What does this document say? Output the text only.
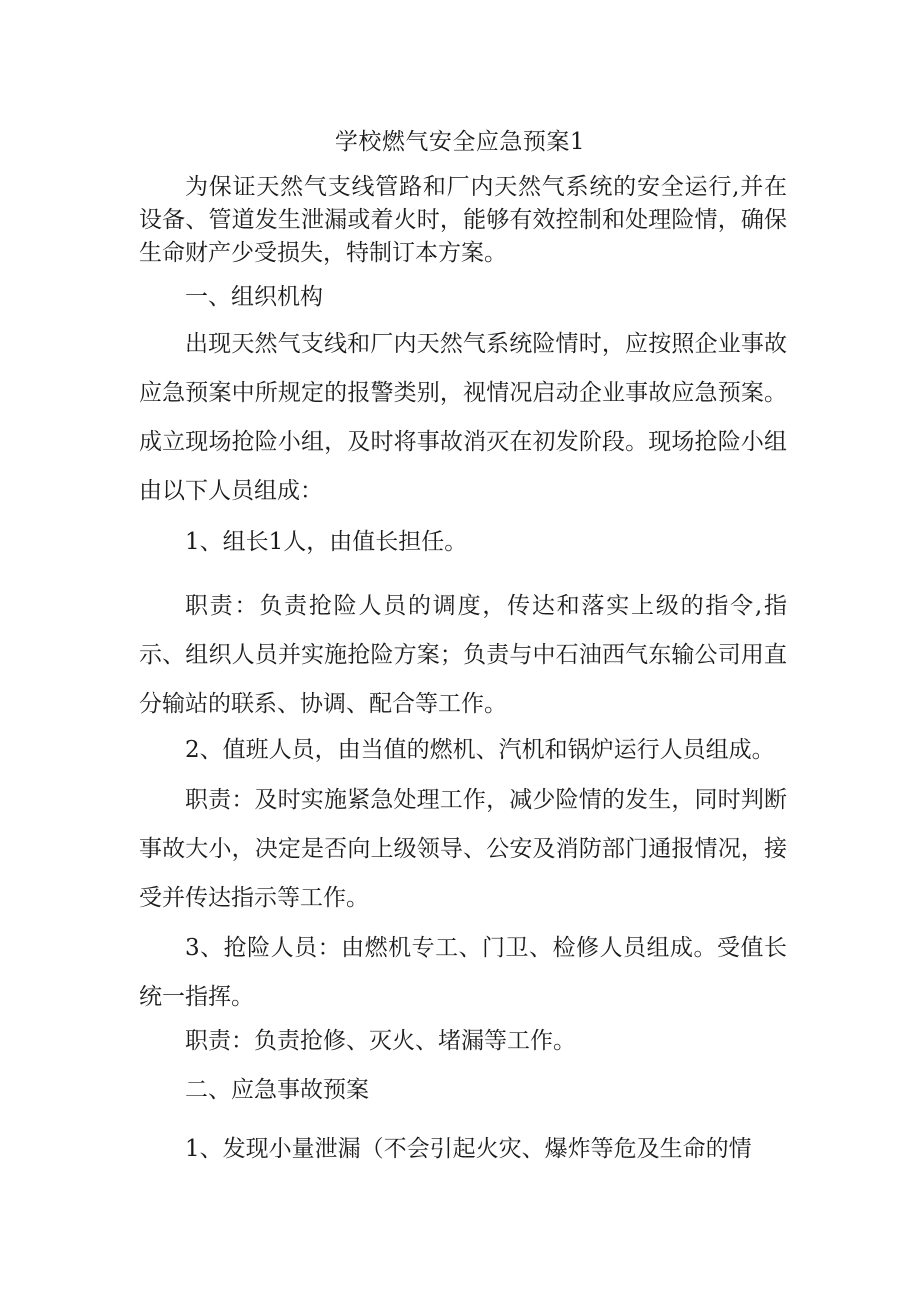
学校燃气安全应急预案1

为保证天然气支线管路和厂内天然气系统的安全运行,并在设备、管道发生泄漏或着火时，能够有效控制和处理险情，确保生命财产少受损失，特制订本方案。

一、组织机构

出现天然气支线和厂内天然气系统险情时，应按照企业事故应急预案中所规定的报警类别，视情况启动企业事故应急预案。成立现场抢险小组，及时将事故消灭在初发阶段。现场抢险小组由以下人员组成：

1、组长1人，由值长担任。

职责：负责抢险人员的调度，传达和落实上级的指令,指示、组织人员并实施抢险方案；负责与中石油西气东输公司用直分输站的联系、协调、配合等工作。

2、值班人员，由当值的燃机、汽机和锅炉运行人员组成。

职责：及时实施紧急处理工作，减少险情的发生，同时判断事故大小，决定是否向上级领导、公安及消防部门通报情况，接受并传达指示等工作。

3、抢险人员：由燃机专工、门卫、检修人员组成。受值长统一指挥。

职责：负责抢修、灭火、堵漏等工作。

二、应急事故预案

1、发现小量泄漏（不会引起火灾、爆炸等危及生命的情
